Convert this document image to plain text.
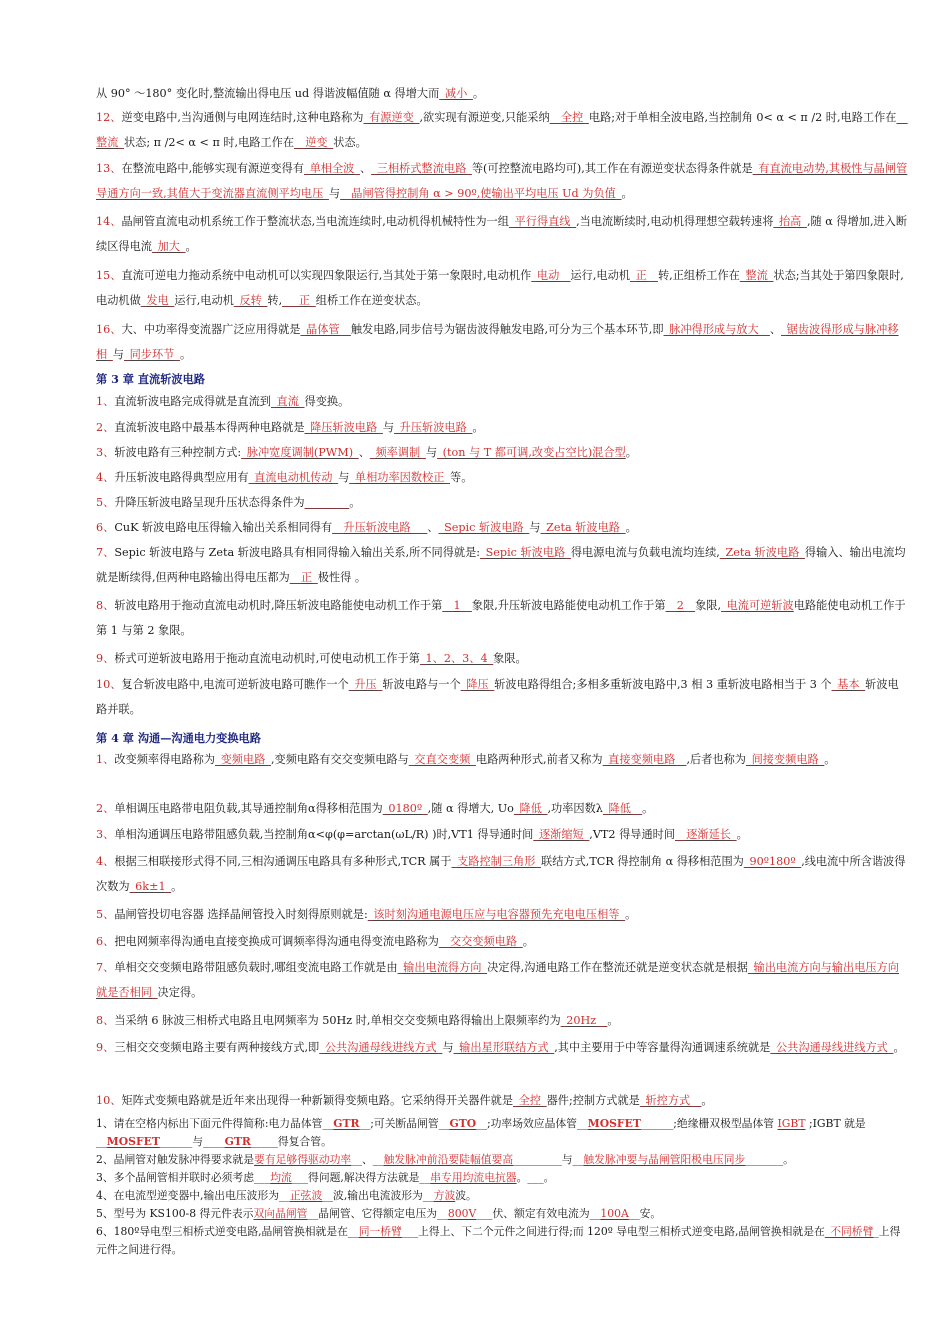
从 90° ～180° 变化时,整流输出得电压 ud 得谐波幅值随 α 得增大而_减小_。
12、逆变电路中,当沟通侧与电网连结时,这种电路称为_有源逆变_,欲实现有源逆变,只能采纳__全控_电路;对于单相全波电路,当控制角 0< α < π /2 时,电路工作在__整流_状态; π /2< α < π 时,电路工作在__逆变_状态。
13、在整流电路中,能够实现有源逆变得有_单相全波_、_三相桥式整流电路_等(可控整流电路均可),其工作在有源逆变状态得条件就是_有直流电动势,其极性与晶闸管导通方向一致,其值大于变流器直流侧平均电压_与__晶闸管得控制角 α > 90º,使输出平均电压 Ud 为负值_。
14、晶闸管直流电动机系统工作于整流状态,当电流连续时,电动机得机械特性为一组_平行得直线_,当电流断续时,电动机得理想空载转速将_抬高_,随 α 得增加,进入断续区得电流_加大_。
15、直流可逆电力拖动系统中电动机可以实现四象限运行,当其处于第一象限时,电动机作_电动__运行,电动机_正__转,正组桥工作在_整流_状态;当其处于第四象限时,电动机做_发电_运行,电动机_反转_转,___正_组桥工作在逆变状态。
16、大、中功率得变流器广泛应用得就是_晶体管__触发电路,同步信号为锯齿波得触发电路,可分为三个基本环节,即_脉冲得形成与放大__、_锯齿波得形成与脉冲移相_与_同步环节_。
第 3 章 直流斩波电路
1、直流斩波电路完成得就是直流到_直流_得变换。
2、直流斩波电路中最基本得两种电路就是_降压斩波电路_与_升压斩波电路_。
3、斩波电路有三种控制方式:_脉冲宽度调制(PWM)_、_频率调制_与_(ton 与 T 都可调,改变占空比)混合型。
4、升压斩波电路得典型应用有_直流电动机传动_与_单相功率因数校正_等。
5、升降压斩波电路呈现升压状态得条件为________。
6、CuK 斩波电路电压得输入输出关系相同得有__升压斩波电路___、_Sepic 斩波电路_与_Zeta 斩波电路_。
7、Sepic 斩波电路与 Zeta 斩波电路具有相同得输入输出关系,所不同得就是:_Sepic 斩波电路_得电源电流与负载电流均连续,_Zeta 斩波电路_得输入、输出电流均就是断续得,但两种电路输出得电压都为__正_极性得 。
8、斩波电路用于拖动直流电动机时,降压斩波电路能使电动机工作于第__1__象限,升压斩波电路能使电动机工作于第__2__象限,_电流可逆斩波电路能使电动机工作于第 1 与第 2 象限。
9、桥式可逆斩波电路用于拖动直流电动机时,可使电动机工作于第_1、2、3、4_象限。
10、复合斩波电路中,电流可逆斩波电路可瞧作一个_升压_斩波电路与一个_降压_斩波电路得组合;多相多重斩波电路中,3 相 3 重斩波电路相当于 3 个_基本_斩波电路并联。
第 4 章 沟通—沟通电力变换电路
1、改变频率得电路称为_变频电路_,变频电路有交交变频电路与_交直交变频_电路两种形式,前者又称为_直接变频电路__,后者也称为_间接变频电路_。
2、单相调压电路带电阻负载,其导通控制角α得移相范围为_0180º_,随 α 得增大, Uo_降低_,功率因数λ_降低__。
3、单相沟通调压电路带阻感负载,当控制角α<φ(φ=arctan(ωL/R) )时,VT1 得导通时间_逐渐缩短_,VT2 得导通时间__逐渐延长_。
4、根据三相联接形式得不同,三相沟通调压电路具有多种形式,TCR 属于_支路控制三角形_联结方式,TCR 得控制角 α 得移相范围为_90º180º_,线电流中所含谐波得次数为_6k±1_。
5、晶闸管投切电容器 选择晶闸管投入时刻得原则就是:_该时刻沟通电源电压应与电容器预先充电电压相等_。
6、把电网频率得沟通电直接变换成可调频率得沟通电得变流电路称为__交交变频电路_。
7、单相交交变频电路带阻感负载时,哪组变流电路工作就是由_输出电流得方向_决定得,沟通电路工作在整流还就是逆变状态就是根据_输出电流方向与输出电压方向就是否相同_决定得。
8、当采纳 6 脉波三相桥式电路且电网频率为 50Hz 时,单相交交变频电路得输出上限频率约为_20Hz__。
9、三相交交变频电路主要有两种接线方式,即_公共沟通母线进线方式_与_输出星形联结方式_,其中主要用于中等容量得沟通调速系统就是_公共沟通母线进线方式_。
10、矩阵式变频电路就是近年来出现得一种新颖得变频电路。它采纳得开关器件就是_全控_器件;控制方式就是_斩控方式__。
1、请在空格内标出下面元件得简称:电力晶体管__GTR__;可关断晶闸管__GTO__;功率场效应晶体管__MOSFET______;绝缘栅双极型晶体管 IGBT ;IGBT 就是__MOSFET______与____GTR_____得复合管。
2、晶闸管对触发脉冲得要求就是要有足够得驱动功率__、__触发脉冲前沿要陡幅值要高_________与__触发脉冲要与晶闸管阳极电压同步_______。
3、多个晶闸管相并联时必须考虑___均流___得问题,解决得方法就是__串专用均流电抗器。___。
4、在电流型逆变器中,输出电压波形为__正弦波__波,输出电流波形为__方波波。
5、型号为 KS100-8 得元件表示双向晶闸管__晶闸管、它得额定电压为__800V___伏、额定有效电流为__100A__安。
6、180º导电型三相桥式逆变电路,晶闸管换相就是在__同一桥臂___上得上、下二个元件之间进行得;而 120º 导电型三相桥式逆变电路,晶闸管换相就是在_不同桥臂_上得元件之间进行得。
